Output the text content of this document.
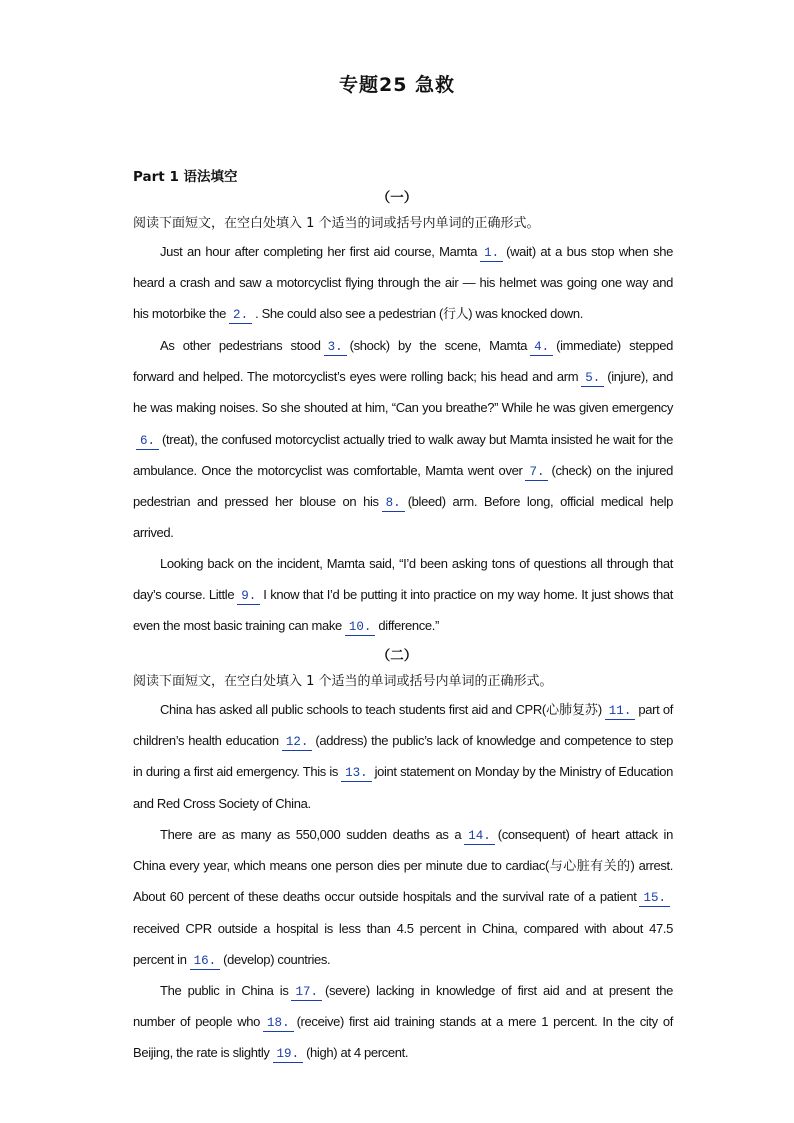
专题25 急救
Part 1 语法填空
（一）
阅读下面短文，在空白处填入 1 个适当的词或括号内单词的正确形式。
Just an hour after completing her first aid course, Mamta 1 . (wait) at a bus stop when she heard a crash and saw a motorcyclist flying through the air — his helmet was going one way and his motorbike the 2 . . She could also see a pedestrian (行人) was knocked down.
As other pedestrians stood 3 . (shock) by the scene, Mamta 4 . (immediate) stepped forward and helped. The motorcyclist’s eyes were rolling back; his head and arm 5 . (injure), and he was making noises. So she shouted at him, “Can you breathe?” While he was given emergency6 . (treat), the confused motorcyclist actually tried to walk away but Mamta insisted he wait for the ambulance. Once the motorcyclist was comfortable, Mamta went over 7 . (check) on the injured pedestrian and pressed her blouse on his 8 . (bleed) arm. Before long, official medical help arrived.
Looking back on the incident, Mamta said, “I’d been asking tons of questions all through that day’s course. Little 9 . I know that I’d be putting it into practice on my way home. It just shows that even the most basic training can make 10 . difference.”
（二）
阅读下面短文，在空白处填入 1 个适当的单词或括号内单词的正确形式。
China has asked all public schools to teach students first aid and CPR(心肺复苏) 11 . part of children’s health education 12 . (address) the public’s lack of knowledge and competence to step in during a first aid emergency. This is 13 . joint statement on Monday by the Ministry of Education and Red Cross Society of China.
There are as many as 550,000 sudden deaths as a 14 . (consequent) of heart attack in China every year, which means one person dies per minute due to cardiac(与心脏有关的) arrest. About 60 percent of these deaths occur outside hospitals and the survival rate of a patient 15 .received CPR outside a hospital is less than 4.5 percent in China, compared with about 47.5 percent in 16 . (develop) countries.
The public in China is 17 . (severe) lacking in knowledge of first aid and at present the number of people who 18 . (receive) first aid training stands at a mere 1 percent. In the city of Beijing, the rate is slightly 19 . (high) at 4 percent.
